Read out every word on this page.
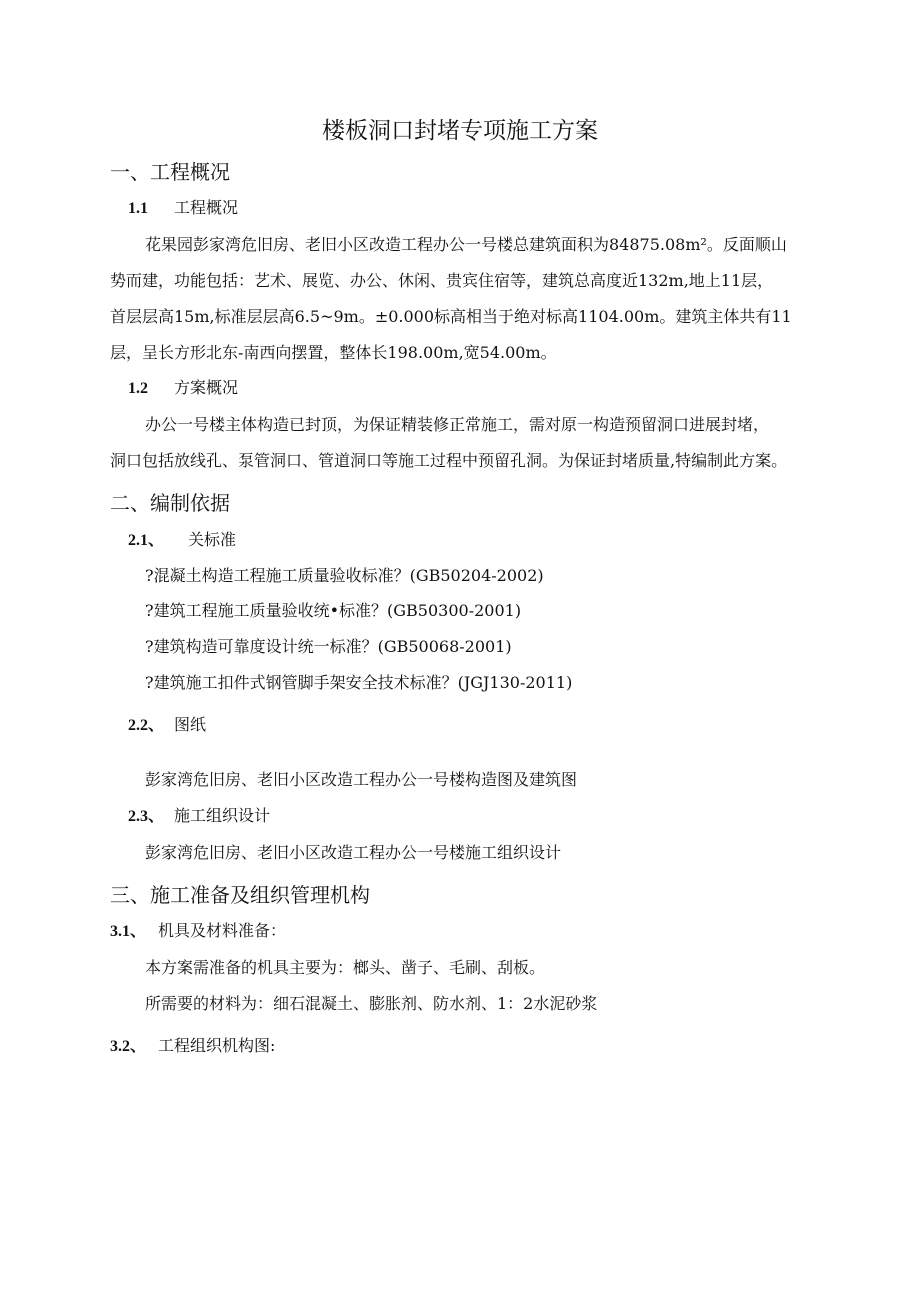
楼板洞口封堵专项施工方案
一、工程概况
1.1 工程概况
花果园彭家湾危旧房、老旧小区改造工程办公一号楼总建筑面积为84875.08m²。反面顺山
势而建，功能包括：艺术、展览、办公、休闲、贵宾住宿等，建筑总高度近132m,地上11层，
首层层高15m,标准层层高6.5~9m。±0.000标高相当于绝对标高1104.00m。建筑主体共有11
层，呈长方形北东-南西向摆置，整体长198.00m,宽54.00m。
1.2 方案概况
办公一号楼主体构造已封顶，为保证精装修正常施工，需对原一构造预留洞口进展封堵，
洞口包括放线孔、泵管洞口、管道洞口等施工过程中预留孔洞。为保证封堵质量,特编制此方案。
二、编制依据
2.1、 关标准
?混凝土构造工程施工质量验收标准？(GB50204-2002)
?建筑工程施工质量验收统•标准？(GB50300-2001)
?建筑构造可靠度设计统一标准？(GB50068-2001)
?建筑施工扣件式钢管脚手架安全技术标准？(JGJ130-2011)
2.2、 图纸
彭家湾危旧房、老旧小区改造工程办公一号楼构造图及建筑图
2.3、 施工组织设计
彭家湾危旧房、老旧小区改造工程办公一号楼施工组织设计
三、施工准备及组织管理机构
3.1、 机具及材料准备：
本方案需准备的机具主要为：榔头、凿子、毛刷、刮板。
所需要的材料为：细石混凝土、膨胀剂、防水剂、1：2水泥砂浆
3.2、 工程组织机构图:
